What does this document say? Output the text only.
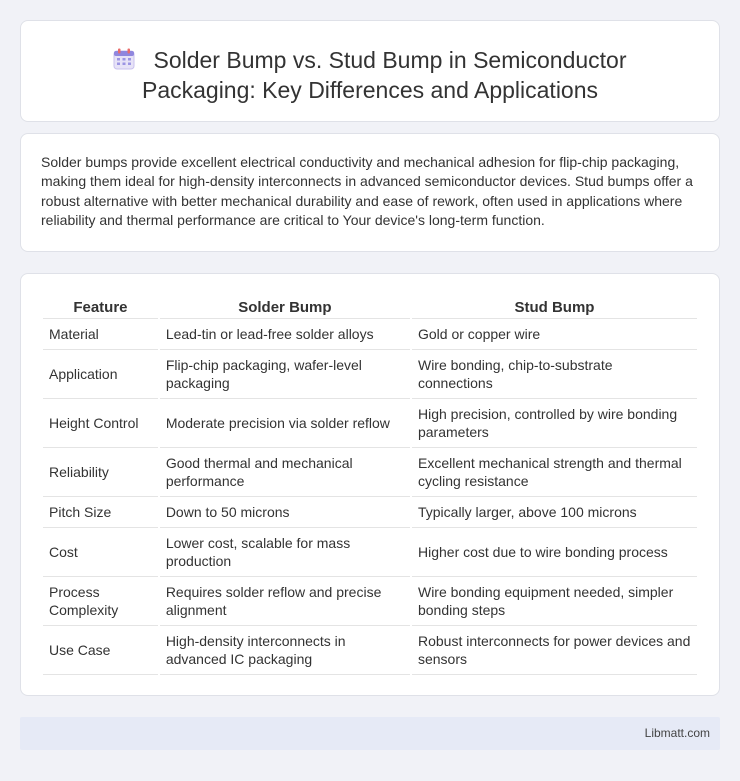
Solder Bump vs. Stud Bump in Semiconductor
Packaging: Key Differences and Applications

Solder bumps provide excellent electrical conductivity and mechanical adhesion for flip-chip packaging, making them ideal for high-density interconnects in advanced semiconductor devices. Stud bumps offer a robust alternative with better mechanical durability and ease of rework, often used in applications where reliability and thermal performance are critical to Your device's long-term function.

Feature	Solder Bump	Stud Bump
Material	Lead-tin or lead-free solder alloys	Gold or copper wire
Application	Flip-chip packaging, wafer-level packaging	Wire bonding, chip-to-substrate connections
Height Control	Moderate precision via solder reflow	High precision, controlled by wire bonding parameters
Reliability	Good thermal and mechanical performance	Excellent mechanical strength and thermal cycling resistance
Pitch Size	Down to 50 microns	Typically larger, above 100 microns
Cost	Lower cost, scalable for mass production	Higher cost due to wire bonding process
Process Complexity	Requires solder reflow and precise alignment	Wire bonding equipment needed, simpler bonding steps
Use Case	High-density interconnects in advanced IC packaging	Robust interconnects for power devices and sensors
Libmatt.com
